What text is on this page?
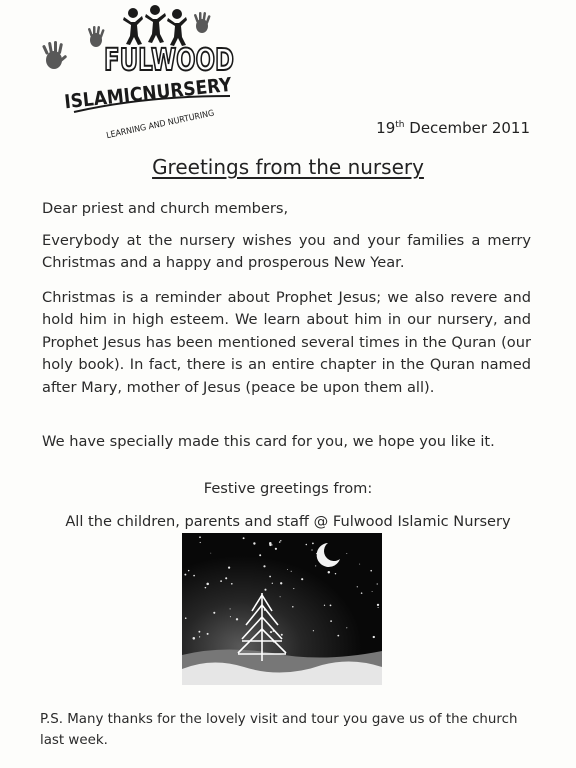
FULWOOD
ISLAMICNURSERY
LEARNING AND NURTURING	19th December 2011
Greetings from the nursery

Dear priest and church members,

Everybody at the nursery wishes you and your families a merry Christmas and a happy and prosperous New Year.

Christmas is a reminder about Prophet Jesus; we also revere and hold him in high esteem. We learn about him in our nursery, and Prophet Jesus has been mentioned several times in the Quran (our holy book). In fact, there is an entire chapter in the Quran named after Mary, mother of Jesus (peace be upon them all).

We have specially made this card for you, we hope you like it.

Festive greetings from:
All the children, parents and staff @ Fulwood Islamic Nursery

P.S. Many thanks for the lovely visit and tour you gave us of the church last week.
